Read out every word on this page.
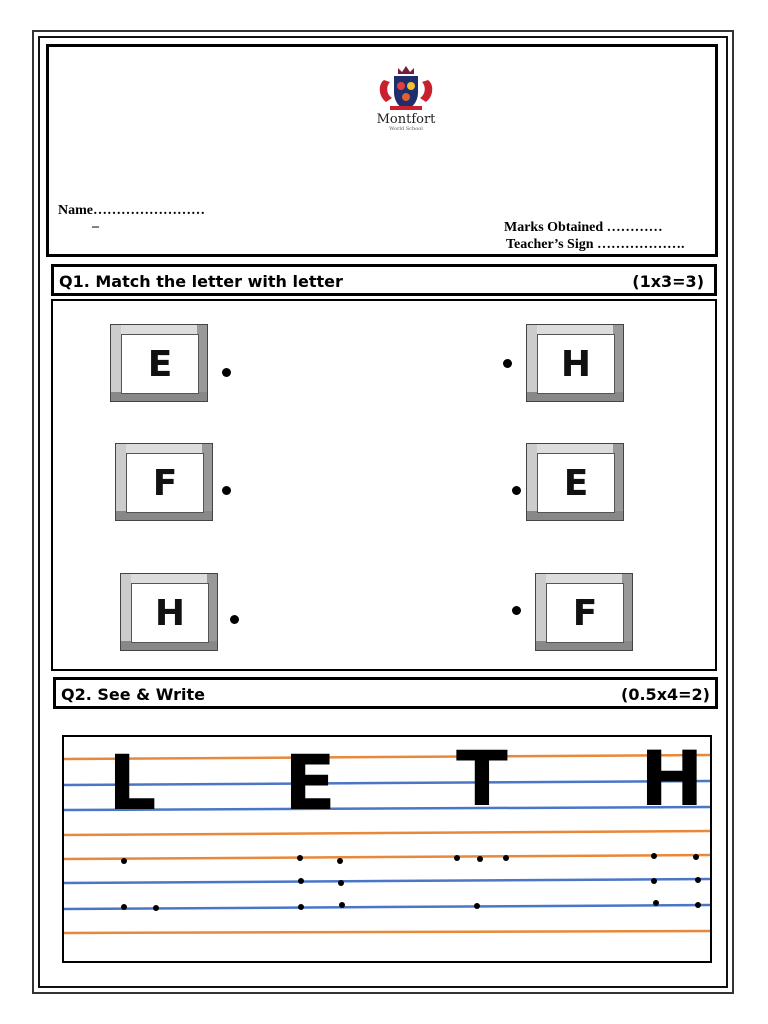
Montfort
World School
Name……………………
–	Marks Obtained …………
Teacher’s Sign ……………….
Q1. Match the letter with letter	(1x3=3)
E
F
H
H
E
F
Q2. See & Write	(0.5x4=2)
L E T H
